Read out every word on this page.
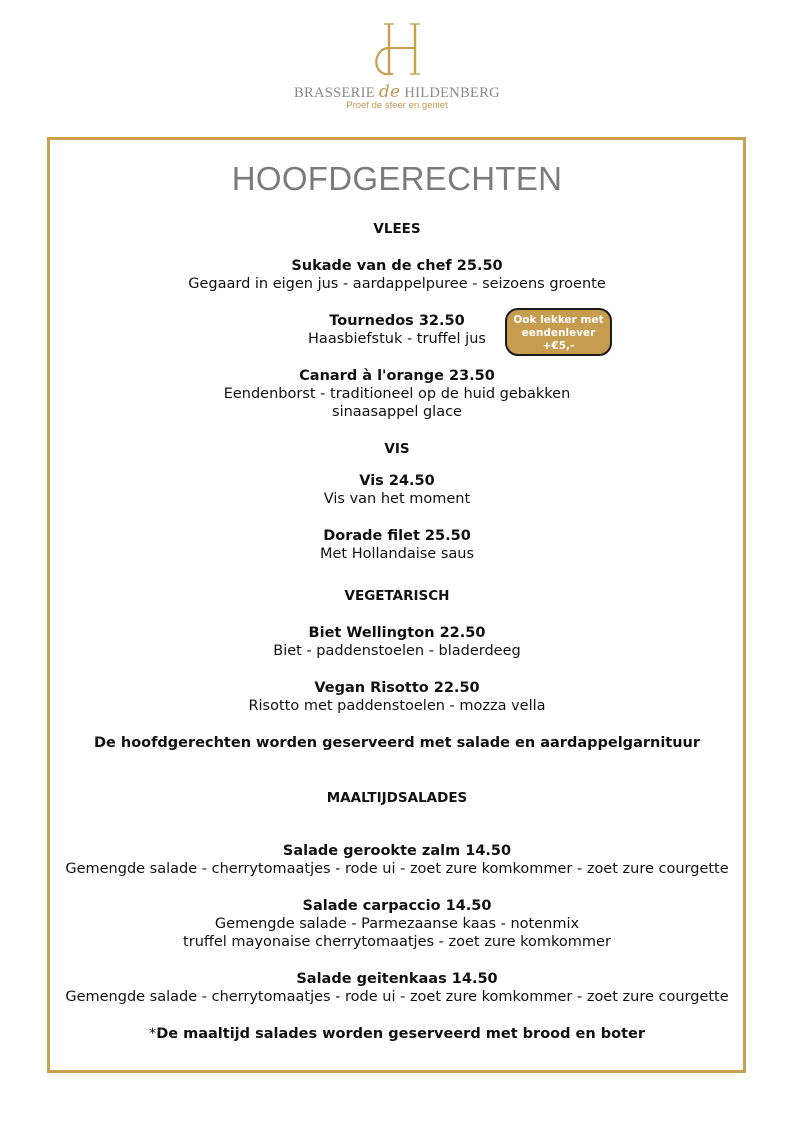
BRASSERIE de HILDENBERG
Proef de sfeer en geniet
HOOFDGERECHTEN
VLEES
Sukade van de chef 25.50
Gegaard in eigen jus - aardappelpuree - seizoens groente
Tournedos 32.50
Haasbiefstuk - truffel jus
Ook lekker met
eendenlever
+€5,-
Canard à l'orange 23.50
Eendenborst - traditioneel op de huid gebakken
sinaasappel glace
VIS
Vis 24.50
Vis van het moment
Dorade filet 25.50
Met Hollandaise saus
VEGETARISCH
Biet Wellington 22.50
Biet - paddenstoelen - bladerdeeg
Vegan Risotto 22.50
Risotto met paddenstoelen - mozza vella
De hoofdgerechten worden geserveerd met salade en aardappelgarnituur
MAALTIJDSALADES
Salade gerookte zalm 14.50
Gemengde salade - cherrytomaatjes - rode ui - zoet zure komkommer - zoet zure courgette
Salade carpaccio 14.50
Gemengde salade - Parmezaanse kaas - notenmix
truffel mayonaise cherrytomaatjes - zoet zure komkommer
Salade geitenkaas 14.50
Gemengde salade - cherrytomaatjes - rode ui - zoet zure komkommer - zoet zure courgette
*De maaltijd salades worden geserveerd met brood en boter
